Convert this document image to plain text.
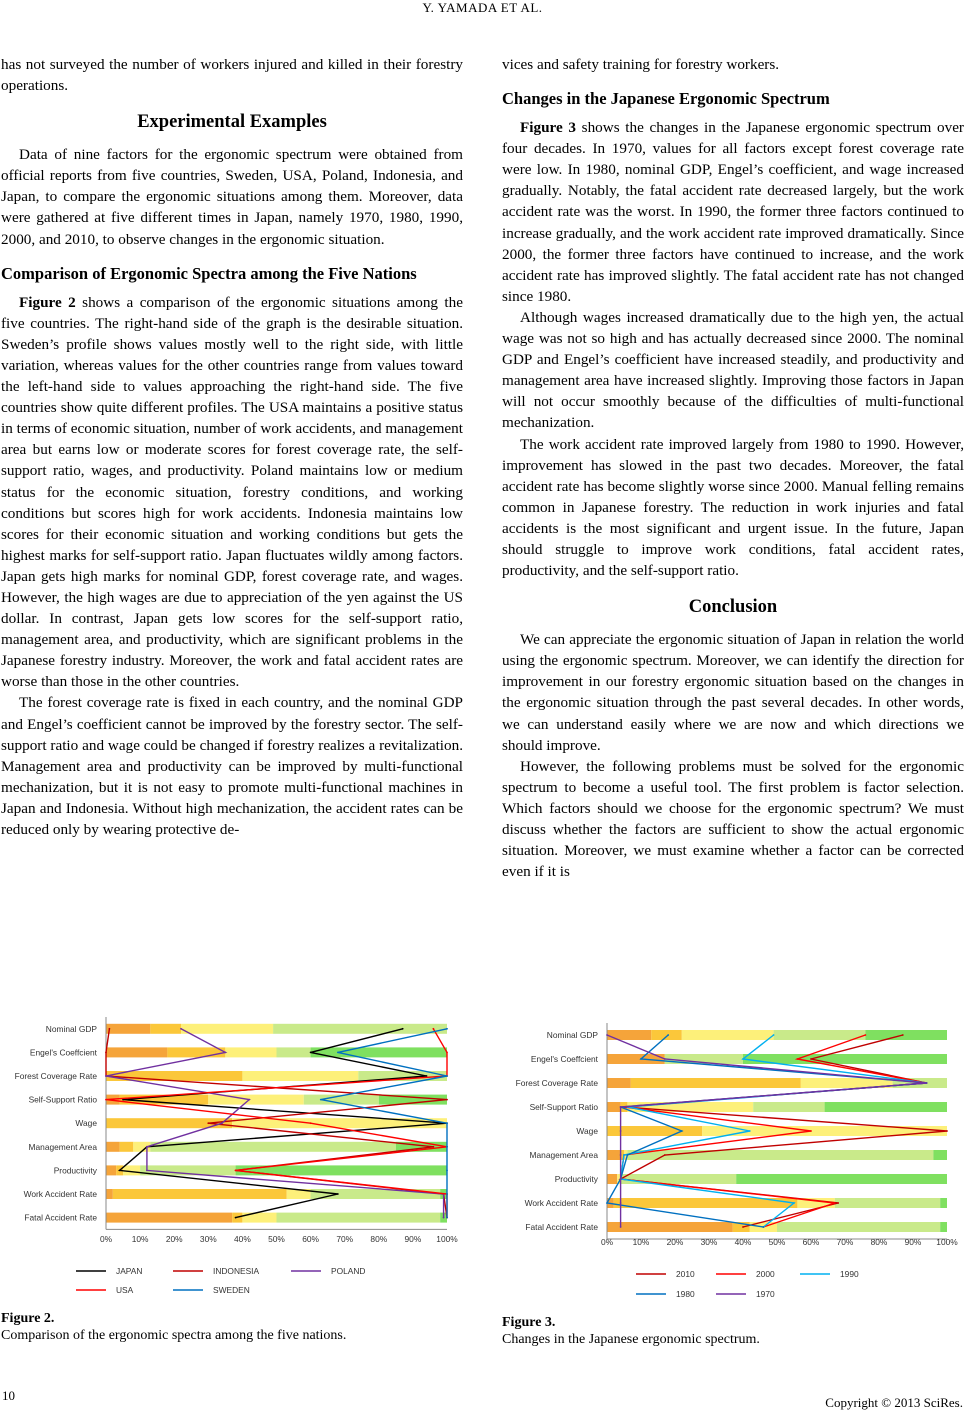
Y. YAMADA ET AL.

has not surveyed the number of workers injured and killed in their forestry operations.

Experimental Examples

Data of nine factors for the ergonomic spectrum were obtained from official reports from five countries, Sweden, USA, Poland, Indonesia, and Japan, to compare the ergonomic situations among them. Moreover, data were gathered at five different times in Japan, namely 1970, 1980, 1990, 2000, and 2010, to observe changes in the ergonomic situation.

Comparison of Ergonomic Spectra among the Five Nations

Figure 2 shows a comparison of the ergonomic situations among the five countries. The right-hand side of the graph is the desirable situation. Sweden’s profile shows values mostly well to the right side, with little variation, whereas values for the other countries range from values toward the left-hand side to values approaching the right-hand side. The five countries show quite different profiles. The USA maintains a positive status in terms of economic situation, number of work accidents, and management area but earns low or moderate scores for forest coverage rate, the self-support ratio, wages, and productivity. Poland maintains low or medium status for the economic situation, forestry conditions, and working conditions but scores high for work accidents. Indonesia maintains low scores for their economic situation and working conditions but gets the highest marks for self-support ratio. Japan fluctuates wildly among factors. Japan gets high marks for nominal GDP, forest coverage rate, and wages. However, the high wages are due to appreciation of the yen against the US dollar. In contrast, Japan gets low scores for the self-support ratio, management area, and productivity, which are significant problems in the Japanese forestry industry. Moreover, the work and fatal accident rates are worse than those in the other countries.

The forest coverage rate is fixed in each country, and the nominal GDP and Engel’s coefficient cannot be improved by the forestry sector. The self-support ratio and wage could be changed if forestry realizes a revitalization. Management area and productivity can be improved by multi-functional mechanization, but it is not easy to promote multi-functional machines in Japan and Indonesia. Without high mechanization, the accident rates can be reduced only by wearing protective de-

vices and safety training for forestry workers.

Changes in the Japanese Ergonomic Spectrum

Figure 3 shows the changes in the Japanese ergonomic spectrum over four decades. In 1970, values for all factors except forest coverage rate were low. In 1980, nominal GDP, Engel’s coefficient, and wage increased gradually. Notably, the fatal accident rate decreased largely, but the work accident rate was the worst. In 1990, the former three factors continued to increase gradually, and the work accident rate improved dramatically. Since 2000, the former three factors have continued to increase, and the work accident rate has improved slightly. The fatal accident rate has not changed since 1980.

Although wages increased dramatically due to the high yen, the actual wage was not so high and has actually decreased since 2000. The nominal GDP and Engel’s coefficient have increased steadily, and productivity and management area have increased slightly. Improving those factors in Japan will not occur smoothly because of the difficulties of multi-functional mechanization.

The work accident rate improved largely from 1980 to 1990. However, improvement has slowed in the past two decades. Moreover, the fatal accident rate has become slightly worse since 2000. Manual felling remains common in Japanese forestry. The reduction in work injuries and fatal accidents is the most significant and urgent issue. In the future, Japan should struggle to improve work conditions, fatal accident rates, productivity, and the self-support ratio.

Conclusion

We can appreciate the ergonomic situation of Japan in relation the world using the ergonomic spectrum. Moreover, we can identify the direction for improvement in our forestry ergonomic situation based on the changes in the ergonomic situation through the past several decades. In other words, we can understand easily where we are now and which directions we should improve.

However, the following problems must be solved for the ergonomic spectrum to become a useful tool. The first problem is factor selection. Which factors should we choose for the ergonomic spectrum? We must discuss whether the factors are sufficient to show the actual ergonomic situation. Moreover, we must examine whether a factor can be corrected even if it is

Nominal GDP
Engel's Coeffcient
Forest Coverage Rate
Self-Support Ratio
Wage
Management Area
Productivity
Work Accident Rate
Fatal Accident Rate
0% 10% 20% 30% 40% 50% 60% 70% 80% 90% 100%
JAPAN	INDONESIA	POLAND
USA	SWEDEN
Figure 2.
Comparison of the ergonomic spectra among the five nations.
Nominal GDP
Engel's Coeffcient
Forest Coverage Rate
Self-Support Ratio
Wage
Management Area
Productivity
Work Accident Rate
Fatal Accident Rate
0% 10% 20% 30% 40% 50% 60% 70% 80% 90% 100%
2010	2000	1990
1980	1970
Figure 3.
Changes in the Japanese ergonomic spectrum.
10	Copyright © 2013 SciRes.
